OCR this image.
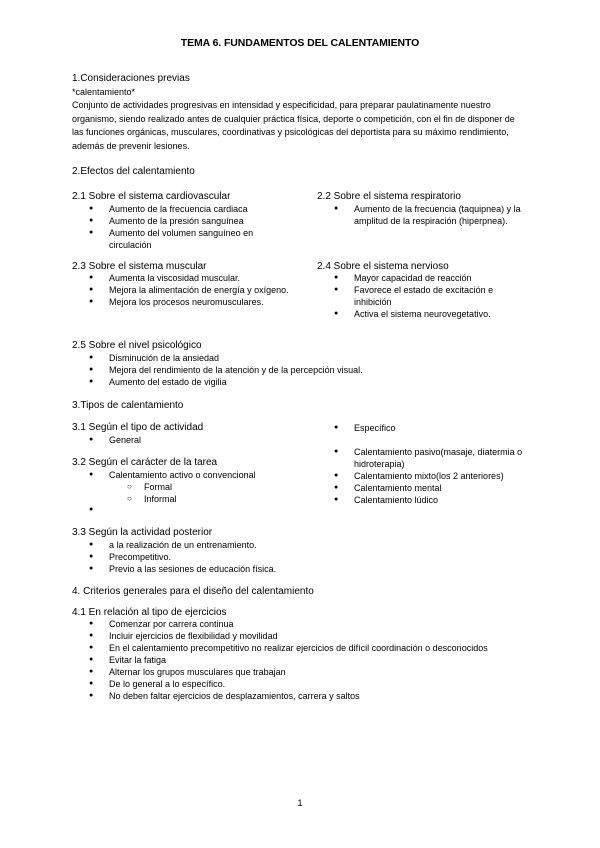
TEMA 6. FUNDAMENTOS DEL CALENTAMIENTO
1.Consideraciones previas
*calentamiento*
Conjunto de actividades progresivas en intensidad y especificidad, para preparar paulatinamente nuestro organismo, siendo realizado antes de cualquier práctica física, deporte o competición, con el fin de disponer de las funciones orgánicas, musculares, coordinativas y psicológicas del deportista para su máximo rendimiento, además de prevenir lesiones.
2.Efectos del calentamiento
2.1 Sobre el sistema cardiovascular
● Aumento de la frecuencia cardiaca
● Aumento de la presión sanguínea
● Aumento del volumen sanguíneo en circulación
2.2 Sobre el sistema respiratorio
● Aumento de la frecuencia (taquipnea) y la amplitud de la respiración (hiperpnea).
2.3 Sobre el sistema muscular
● Aumenta la viscosidad muscular.
● Mejora la alimentación de energía y oxígeno.
● Mejora los procesos neuromusculares.
2.4 Sobre el sistema nervioso
● Mayor capacidad de reacción
● Favorece el estado de excitación e inhibición
● Activa el sistema neurovegetativo.
2.5 Sobre el nivel psicológico
● Disminución de la ansiedad
● Mejora del rendimiento de la atención y de la percepción visual.
● Aumento del estado de vigilia
3.Tipos de calentamiento
3.1 Según el tipo de actividad
● General
● Específico
3.2 Según el carácter de la tarea
● Calentamiento activo o convencional
○ Formal
○ Informal
●
● Calentamiento pasivo(masaje, diatermia o hidroterapia)
● Calentamiento mixto(los 2 anteriores)
● Calentamiento mental
● Calentamiento lúdico
3.3 Según la actividad posterior
● a la realización de un entrenamiento.
● Precompetitivo.
● Previo a las sesiones de educación física.
4. Criterios generales para el diseño del calentamiento
4.1 En relación al tipo de ejercicios
● Comenzar por carrera continua
● Incluir ejercicios de flexibilidad y movilidad
● En el calentamiento precompetitivo no realizar ejercicios de difícil coordinación o desconocidos
● Evitar la fatiga
● Alternar los grupos musculares que trabajan
● De lo general a lo específico.
● No deben faltar ejercicios de desplazamientos, carrera y saltos
1
